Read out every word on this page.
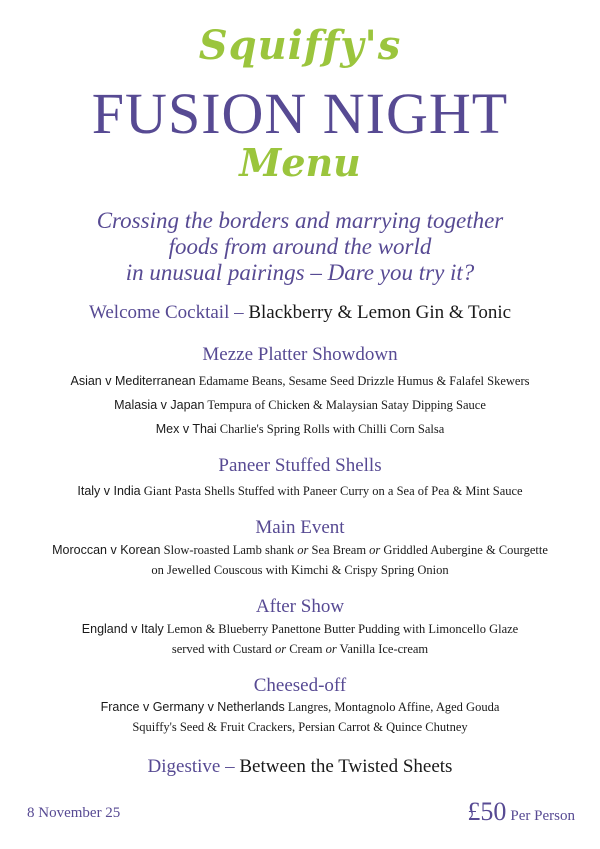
Squiffy's
FUSION NIGHT
Menu
Crossing the borders and marrying together
foods from around the world
in unusual pairings – Dare you try it?
Welcome Cocktail – Blackberry & Lemon Gin & Tonic
Mezze Platter Showdown
Asian v Mediterranean Edamame Beans, Sesame Seed Drizzle Humus & Falafel Skewers
Malasia v Japan Tempura of Chicken & Malaysian Satay Dipping Sauce
Mex v Thai Charlie's Spring Rolls with Chilli Corn Salsa
Paneer Stuffed Shells
Italy v India Giant Pasta Shells Stuffed with Paneer Curry on a Sea of Pea & Mint Sauce
Main Event
Moroccan v Korean Slow-roasted Lamb shank or Sea Bream or Griddled Aubergine & Courgette
on Jewelled Couscous with Kimchi & Crispy Spring Onion
After Show
England v Italy Lemon & Blueberry Panettone Butter Pudding with Limoncello Glaze
served with Custard or Cream or Vanilla Ice-cream
Cheesed-off
France v Germany v Netherlands Langres, Montagnolo Affine, Aged Gouda
Squiffy's Seed & Fruit Crackers, Persian Carrot & Quince Chutney
Digestive – Between the Twisted Sheets
8 November 25	£50 Per Person
